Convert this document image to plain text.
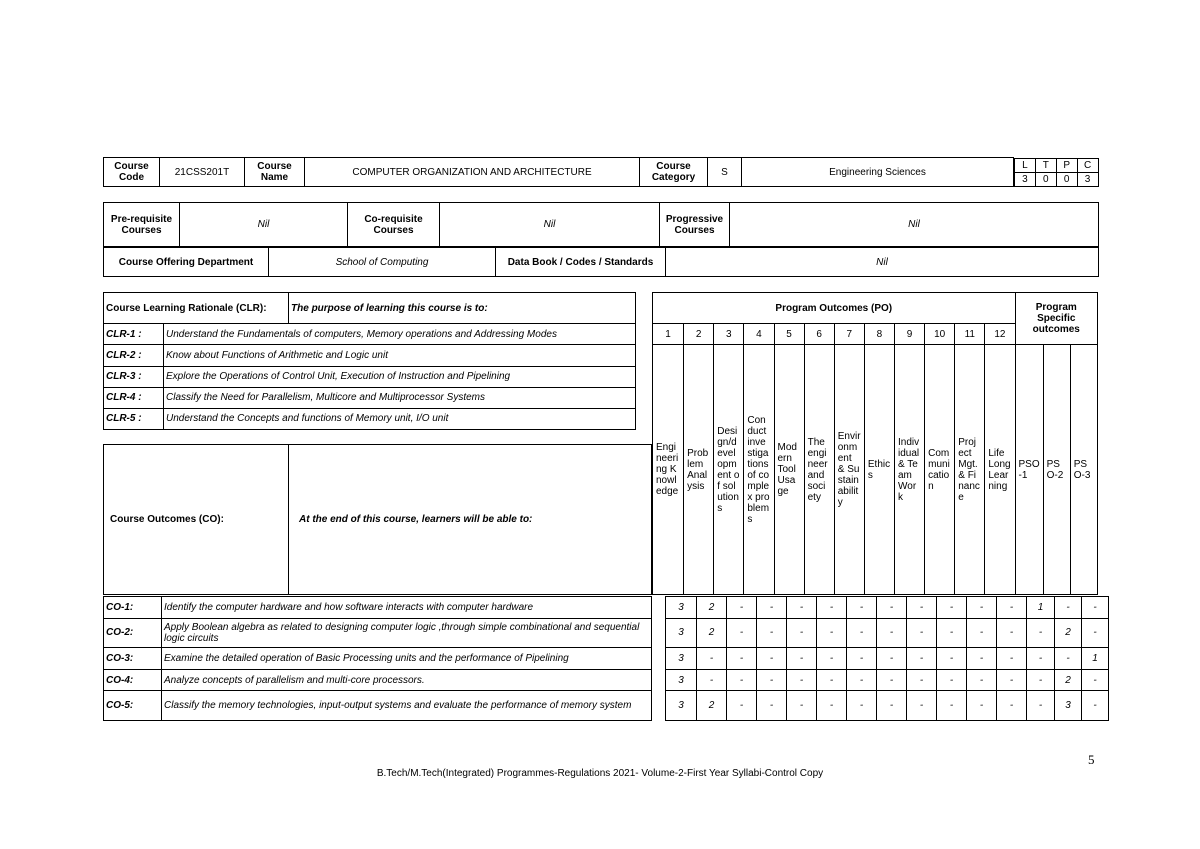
Course Code	21CSS201T	Course Name	COMPUTER ORGANIZATION AND ARCHITECTURE	Course Category	S	Engineering Sciences	
L	T	P	C
3	0	0	3
Pre-requisite Courses	Nil	Co-requisite Courses	Nil	Progressive Courses	Nil
Course Offering Department	School of Computing	Data Book / Codes / Standards	Nil
Course Learning Rationale (CLR):		The purpose of learning this course is to:
CLR-1 :	Understand the Fundamentals of computers, Memory operations and Addressing Modes	
CLR-2 :	Know about Functions of Arithmetic and Logic unit	
CLR-3 :	Explore the Operations of Control Unit, Execution of Instruction and Pipelining	
CLR-4 :	Classify the Need for Parallelism, Multicore and Multiprocessor Systems	
CLR-5 :	Understand the Concepts and functions of Memory unit, I/O unit	
Course Outcomes (CO):	At the end of this course, learners will be able to:
Program Outcomes (PO)												Program Specific outcomes		
1	2	3	4	5	6	7	8	9	10	11	12			
Engineering Knowledge	Problem Analysis	Design/development of solutions	Conduct investigations of complex problems	Modern Tool Usage	The engineer and society	Environment & Sustainability	Ethics	Individual & Team Work	Communication	Project Mgt. & Finance	Life Long Learning	PSO-1	PSO-2	PSO-3
CO-1:	Identify the computer hardware and how software interacts with computer hardware		3	2	-	-	-	-	-	-	-	-	-	-	1	-	-
CO-2:	Apply Boolean algebra as related to designing computer logic ,through simple combinational and sequential logic circuits		3	2	-	-	-	-	-	-	-	-	-	-	-	2	-
CO-3:	Examine the detailed operation of Basic Processing units and the performance of Pipelining		3	-	-	-	-	-	-	-	-	-	-	-	-	-	1
CO-4:	Analyze concepts of parallelism and multi-core processors.		3	-	-	-	-	-	-	-	-	-	-	-	-	2	-
CO-5:	Classify the memory technologies, input-output systems and evaluate the performance of memory system		3	2	-	-	-	-	-	-	-	-	-	-	-	3	-
5
B.Tech/M.Tech(Integrated) Programmes-Regulations 2021- Volume-2-First Year Syllabi-Control Copy
